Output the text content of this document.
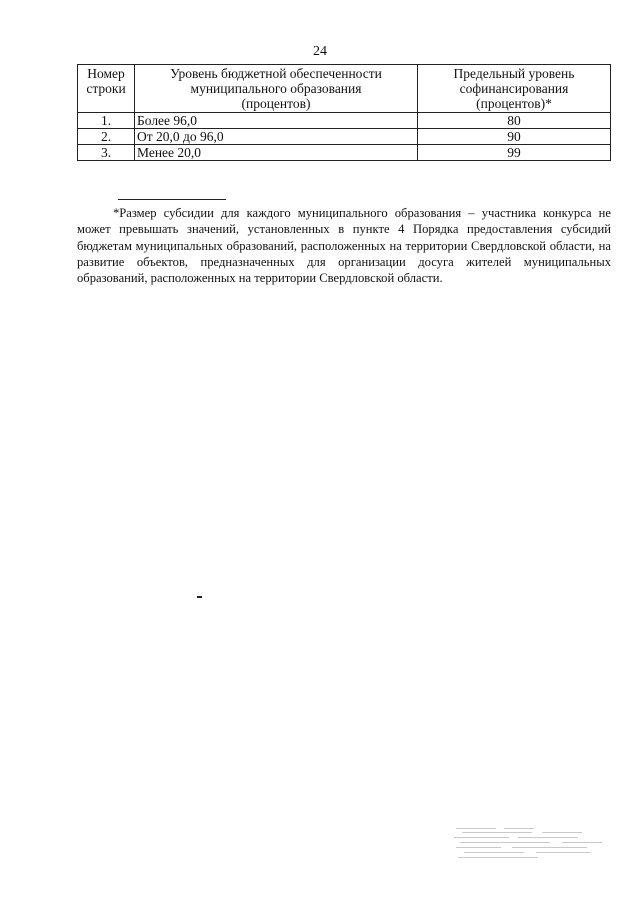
24
Номер
строки	Уровень бюджетной обеспеченности
муниципального образования
(процентов)	Предельный уровень
софинансирования
(процентов)*
1.	Более 96,0	80
2.	От 20,0 до 96,0	90
3.	Менее 20,0	99

*Размер субсидии для каждого муниципального образования – участника конкурса не может превышать значений, установленных в пункте 4 Порядка предоставления субсидий бюджетам муниципальных образований, расположенных на территории Свердловской области, на развитие объектов, предназначенных для организации досуга жителей муниципальных образований, расположенных на территории Свердловской области.
